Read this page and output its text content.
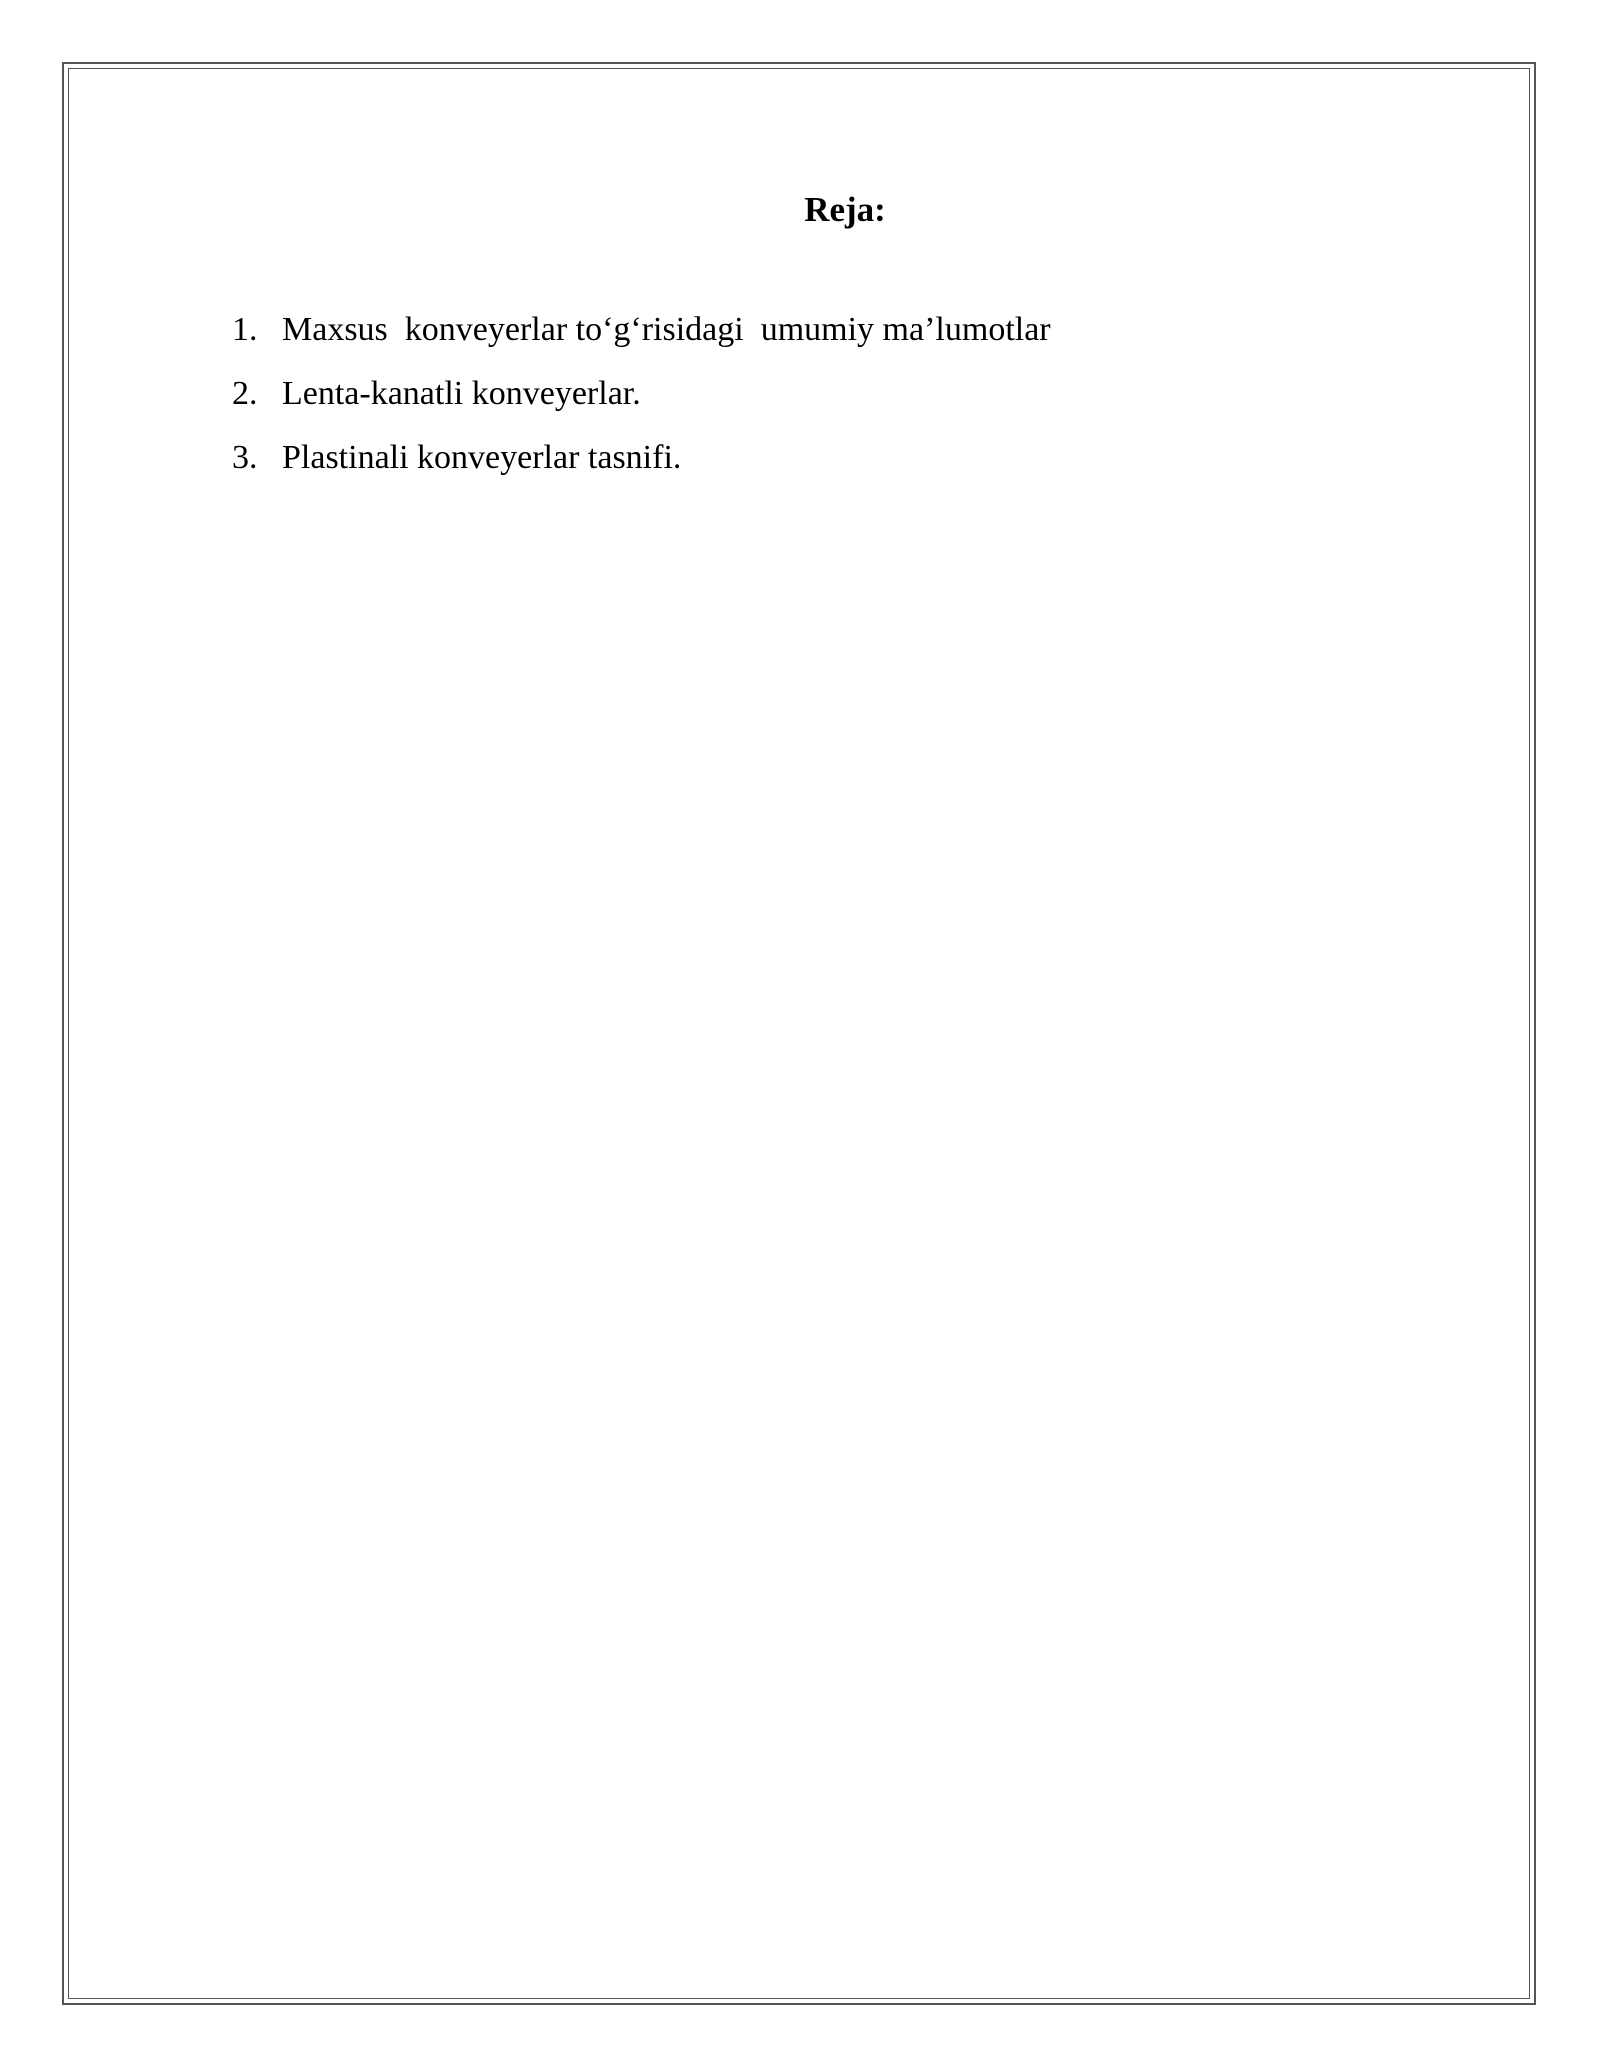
Reja:
1. Maxsus  konveyerlar to‘g‘risidagi  umumiy ma’lumotlar
2. Lenta-kanatli konveyerlar.
3. Plastinali konveyerlar tasnifi.
